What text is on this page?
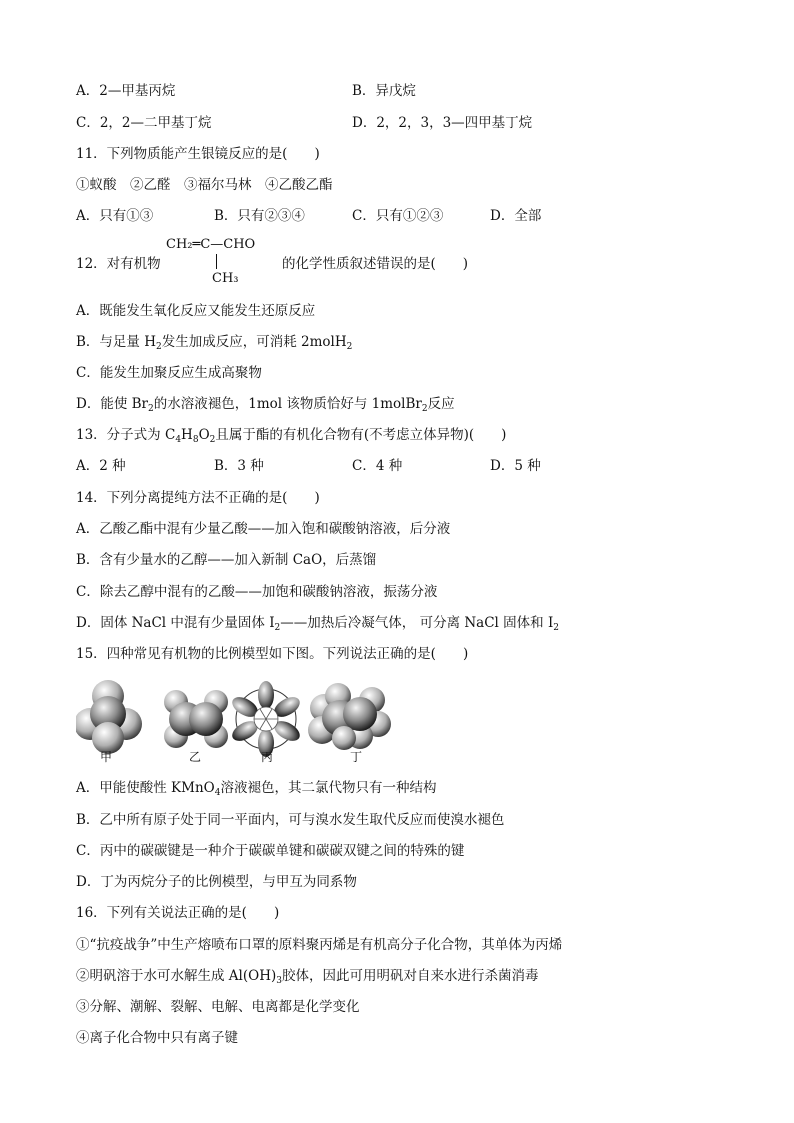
A．2—甲基丙烷	B．异戊烷
C．2，2—二甲基丁烷	D．2，2，3，3—四甲基丁烷
11．下列物质能产生银镜反应的是(　　)
①蚁酸　②乙醛　③福尔马林　④乙酸乙酯
A．只有①③	B．只有②③④	C．只有①②③	D．全部
12．对有机物
CH₂═C—CHO
CH₃
的化学性质叙述错误的是(　　)
A．既能发生氧化反应又能发生还原反应
B．与足量 $H_2$发生加成反应，可消耗 2molH$_2$
C．能发生加聚反应生成高聚物
D．能使 $Br_2$的水溶液褪色，1mol 该物质恰好与 1molBr$_2$反应
13．分子式为 $C_4H_8O_2$且属于酯的有机化合物有(不考虑立体异物)(　　)
A．2 种	B．3 种	C．4 种	D．5 种
14．下列分离提纯方法不正确的是(　　)
A．乙酸乙酯中混有少量乙酸——加入饱和碳酸钠溶液，后分液
B．含有少量水的乙醇——加入新制 CaO，后蒸馏
C．除去乙醇中混有的乙酸——加饱和碳酸钠溶液，振荡分液
D．固体 NaCl 中混有少量固体 $I_2——$加热后冷凝气体， 可分离 NaCl 固体和 $I_2$
15．四种常见有机物的比例模型如下图。下列说法正确的是(　　)
甲	乙	丙	丁
A．甲能使酸性 KMnO$_4$溶液褪色，其二氯代物只有一种结构
B．乙中所有原子处于同一平面内，可与溴水发生取代反应而使溴水褪色
C．丙中的碳碳键是一种介于碳碳单键和碳碳双键之间的特殊的键
D．丁为丙烷分子的比例模型，与甲互为同系物
16．下列有关说法正确的是(　　)
①“抗疫战争”中生产熔喷布口罩的原料聚丙烯是有机高分子化合物，其单体为丙烯
②明矾溶于水可水解生成 $Al(OH)_3$胶体，因此可用明矾对自来水进行杀菌消毒
③分解、潮解、裂解、电解、电离都是化学变化
④离子化合物中只有离子键
